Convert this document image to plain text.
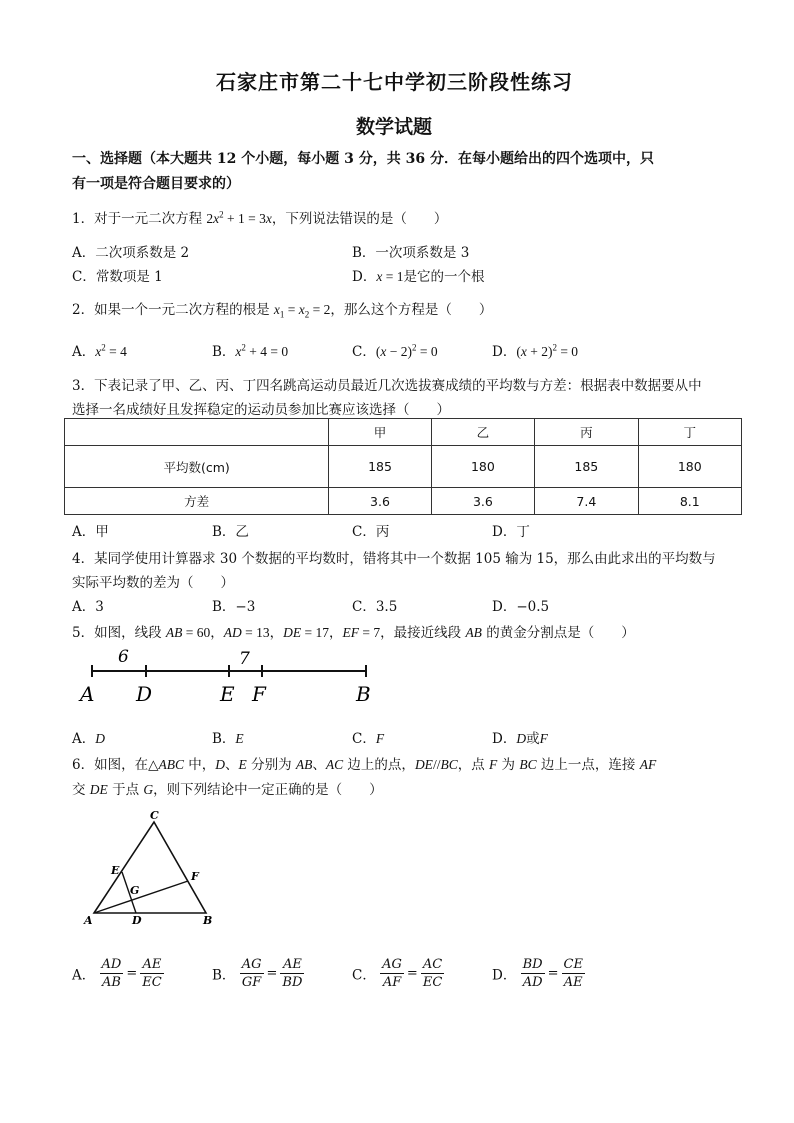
石家庄市第二十七中学初三阶段性练习
数学试题
一、选择题（本大题共 12 个小题，每小题 3 分，共 36 分．在每小题给出的四个选项中，只
有一项是符合题目要求的）
1．对于一元二次方程 $2x^2 + 1 = 3x$，下列说法错误的是（　　）
A．二次项系数是 2	B．一次项系数是 3
C．常数项是 1	D．x = 1是它的一个根
2．如果一个一元二次方程的根是 $x_1 = x_2 = 2$，那么这个方程是（　　）
A．$x^2 = 4$	B．$x^2 + 4 = 0$	C．$(x - 2)^2 = 0$	D．$(x + 2)^2 = 0$
3．下表记录了甲、乙、丙、丁四名跳高运动员最近几次选拔赛成绩的平均数与方差：根据表中数据要从中
选择一名成绩好且发挥稳定的运动员参加比赛应该选择（　　）
	甲	乙	丙	丁
平均数(cm)	185	180	185	180
方差	3.6	3.6	7.4	8.1
A．甲	B．乙	C．丙	D．丁
4．某同学使用计算器求 30 个数据的平均数时，错将其中一个数据 105 输为 15，那么由此求出的平均数与
实际平均数的差为（　　）
A．3	B．−3	C．3.5	D．−0.5
5．如图，线段 AB = 60，AD = 13，DE = 17，EF = 7，最接近线段 AB 的黄金分割点是（　　）
6	7
A D	E F	B
A．D	B．E	C．F	D．D或F
6．如图，在△ABC 中，D、E 分别为 AB、AC 边上的点，DE//BC，点 F 为 BC 边上一点，连接 AF
交 DE 于点 G，则下列结论中一定正确的是（　　）
C
E
G
F
A	D	B
A． $\frac{AD}{AB} = \frac{AE}{EC}$	B． $\frac{AG}{GF} = \frac{AE}{BD}$	C． $\frac{AG}{AF} = \frac{AC}{EC}$	D． $\frac{BD}{AD} = \frac{CE}{AE}$
